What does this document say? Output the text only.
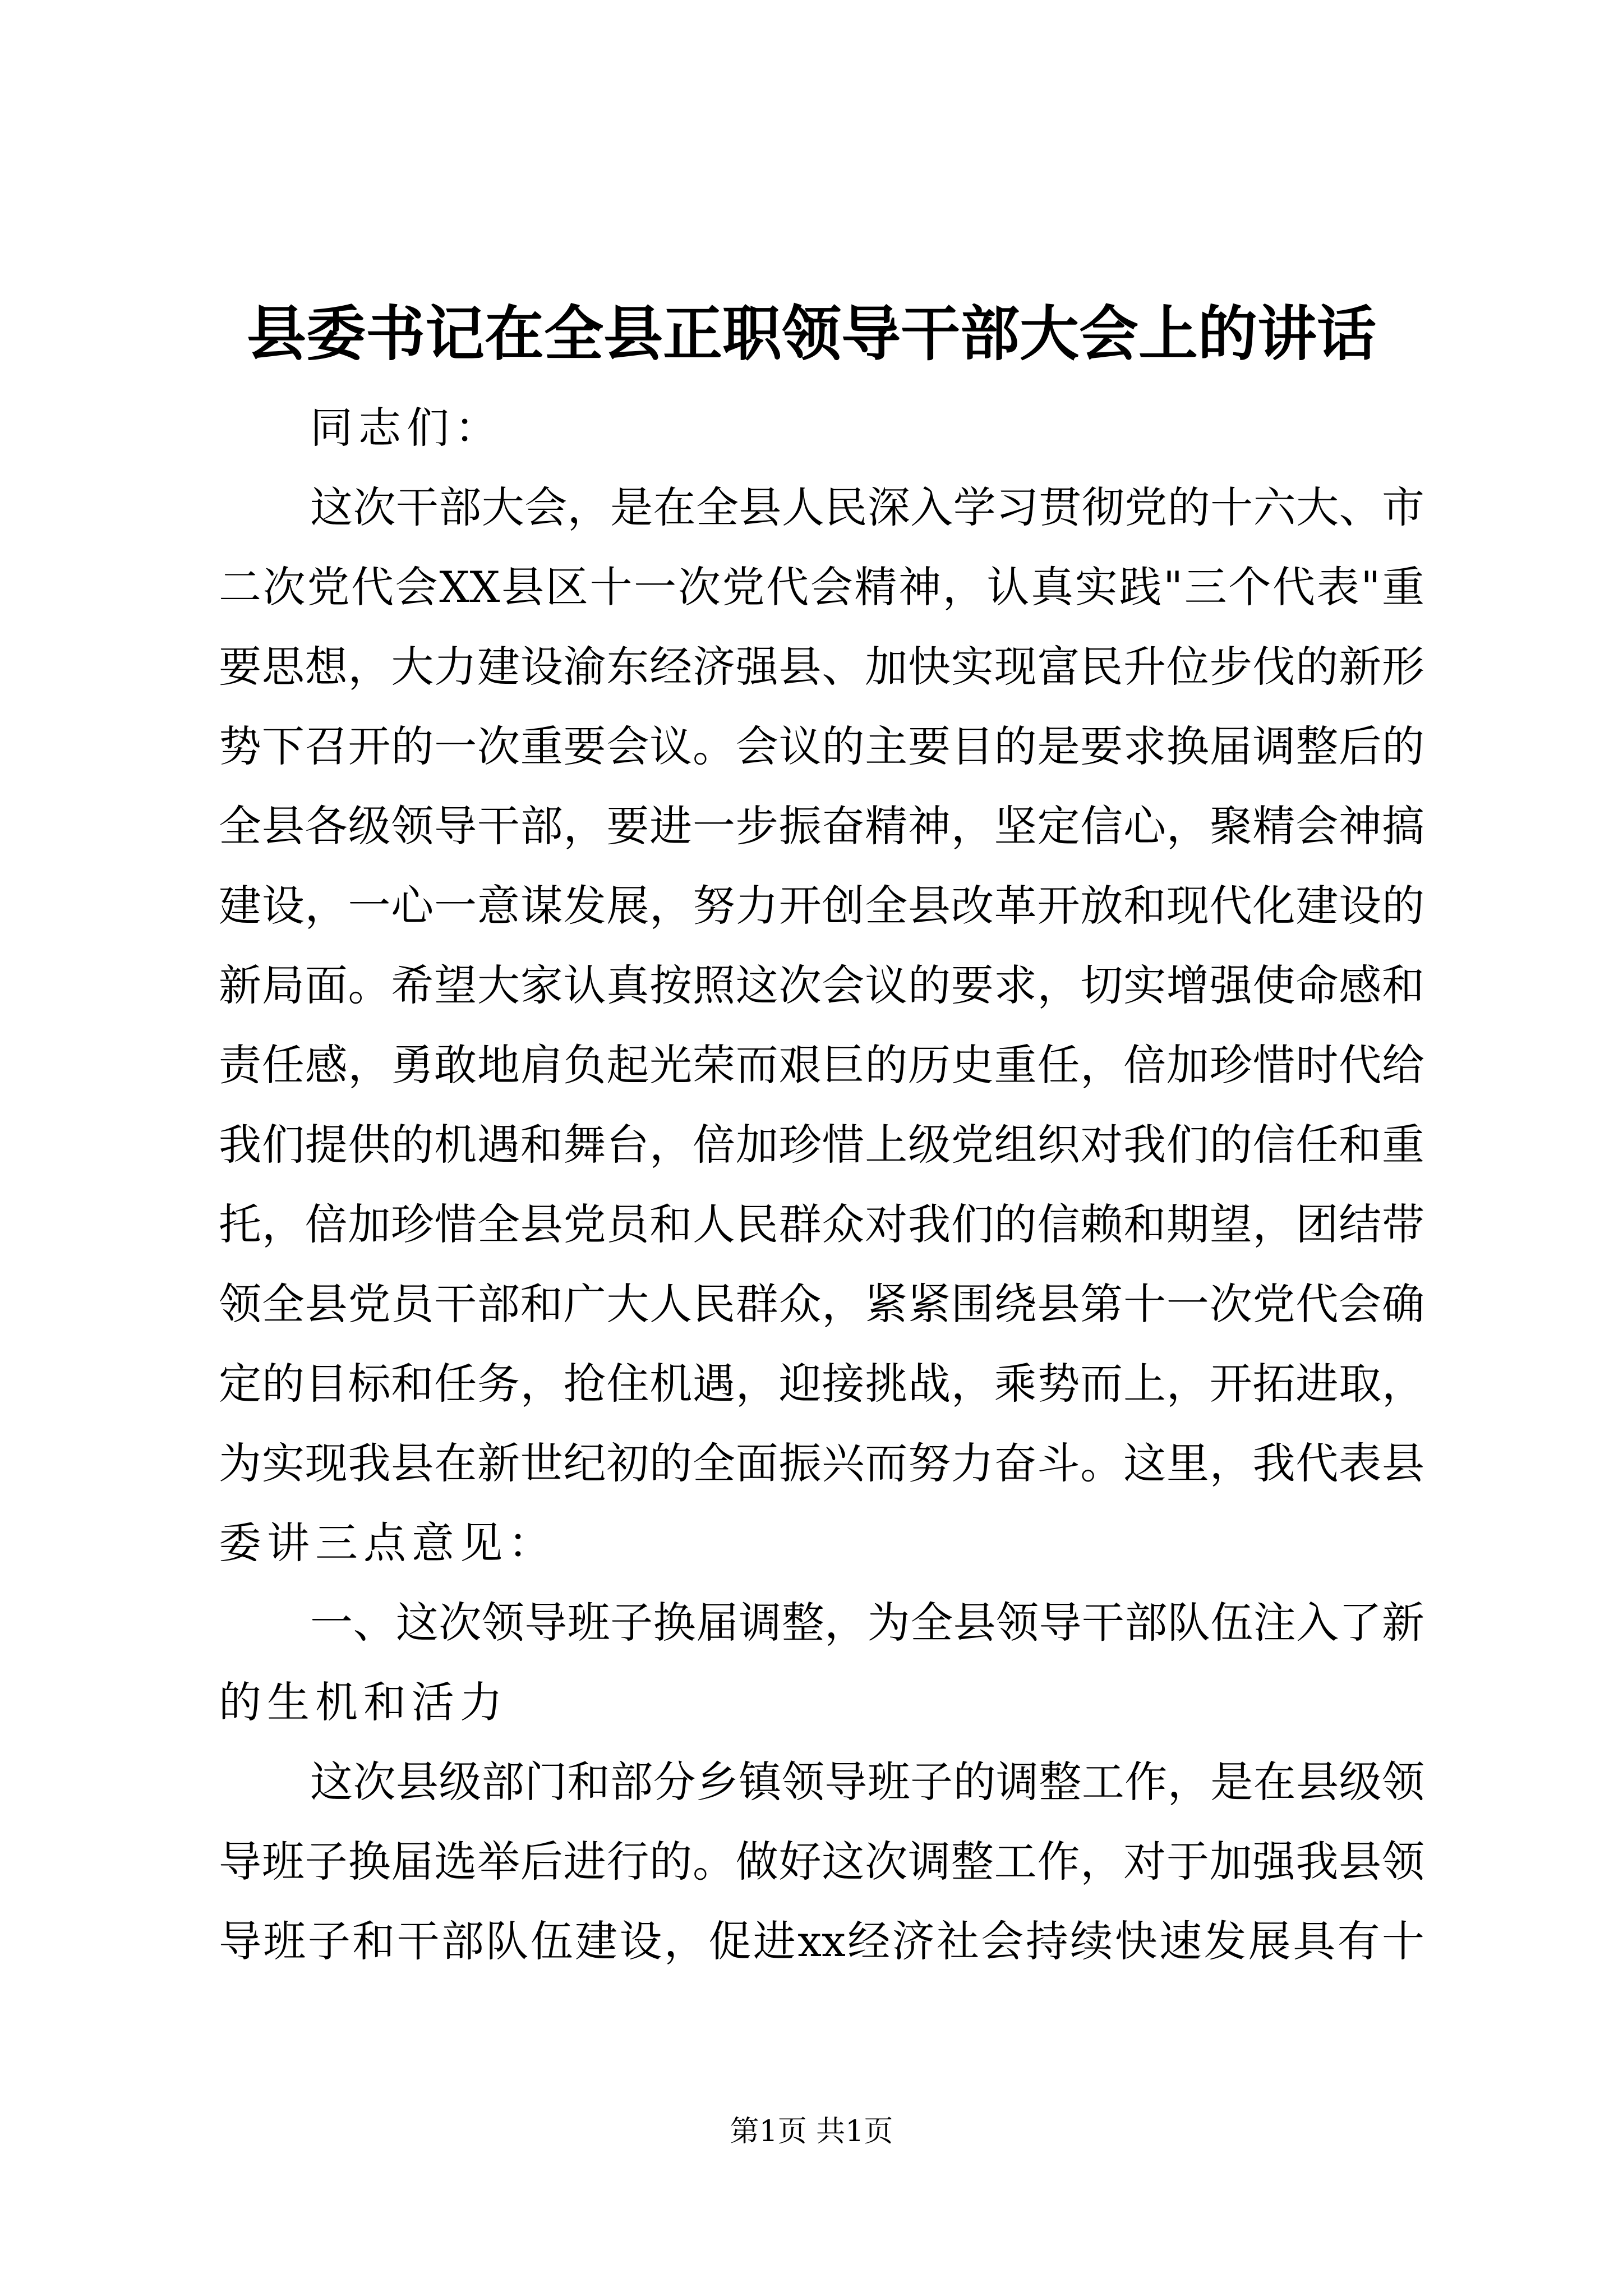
县委书记在全县正职领导干部大会上的讲话
同志们：
这次干部大会，是在全县人民深入学习贯彻党的十六大、市
二次党代会XX县区十一次党代会精神，认真实践"三个代表"重
要思想，大力建设渝东经济强县、加快实现富民升位步伐的新形
势下召开的一次重要会议。会议的主要目的是要求换届调整后的
全县各级领导干部，要进一步振奋精神，坚定信心，聚精会神搞
建设，一心一意谋发展，努力开创全县改革开放和现代化建设的
新局面。希望大家认真按照这次会议的要求，切实增强使命感和
责任感，勇敢地肩负起光荣而艰巨的历史重任，倍加珍惜时代给
我们提供的机遇和舞台，倍加珍惜上级党组织对我们的信任和重
托，倍加珍惜全县党员和人民群众对我们的信赖和期望，团结带
领全县党员干部和广大人民群众，紧紧围绕县第十一次党代会确
定的目标和任务，抢住机遇，迎接挑战，乘势而上，开拓进取，
为实现我县在新世纪初的全面振兴而努力奋斗。这里，我代表县
委讲三点意见：
一、这次领导班子换届调整，为全县领导干部队伍注入了新
的生机和活力
这次县级部门和部分乡镇领导班子的调整工作，是在县级领
导班子换届选举后进行的。做好这次调整工作，对于加强我县领
导班子和干部队伍建设，促进xx经济社会持续快速发展具有十
第1页 共1页
